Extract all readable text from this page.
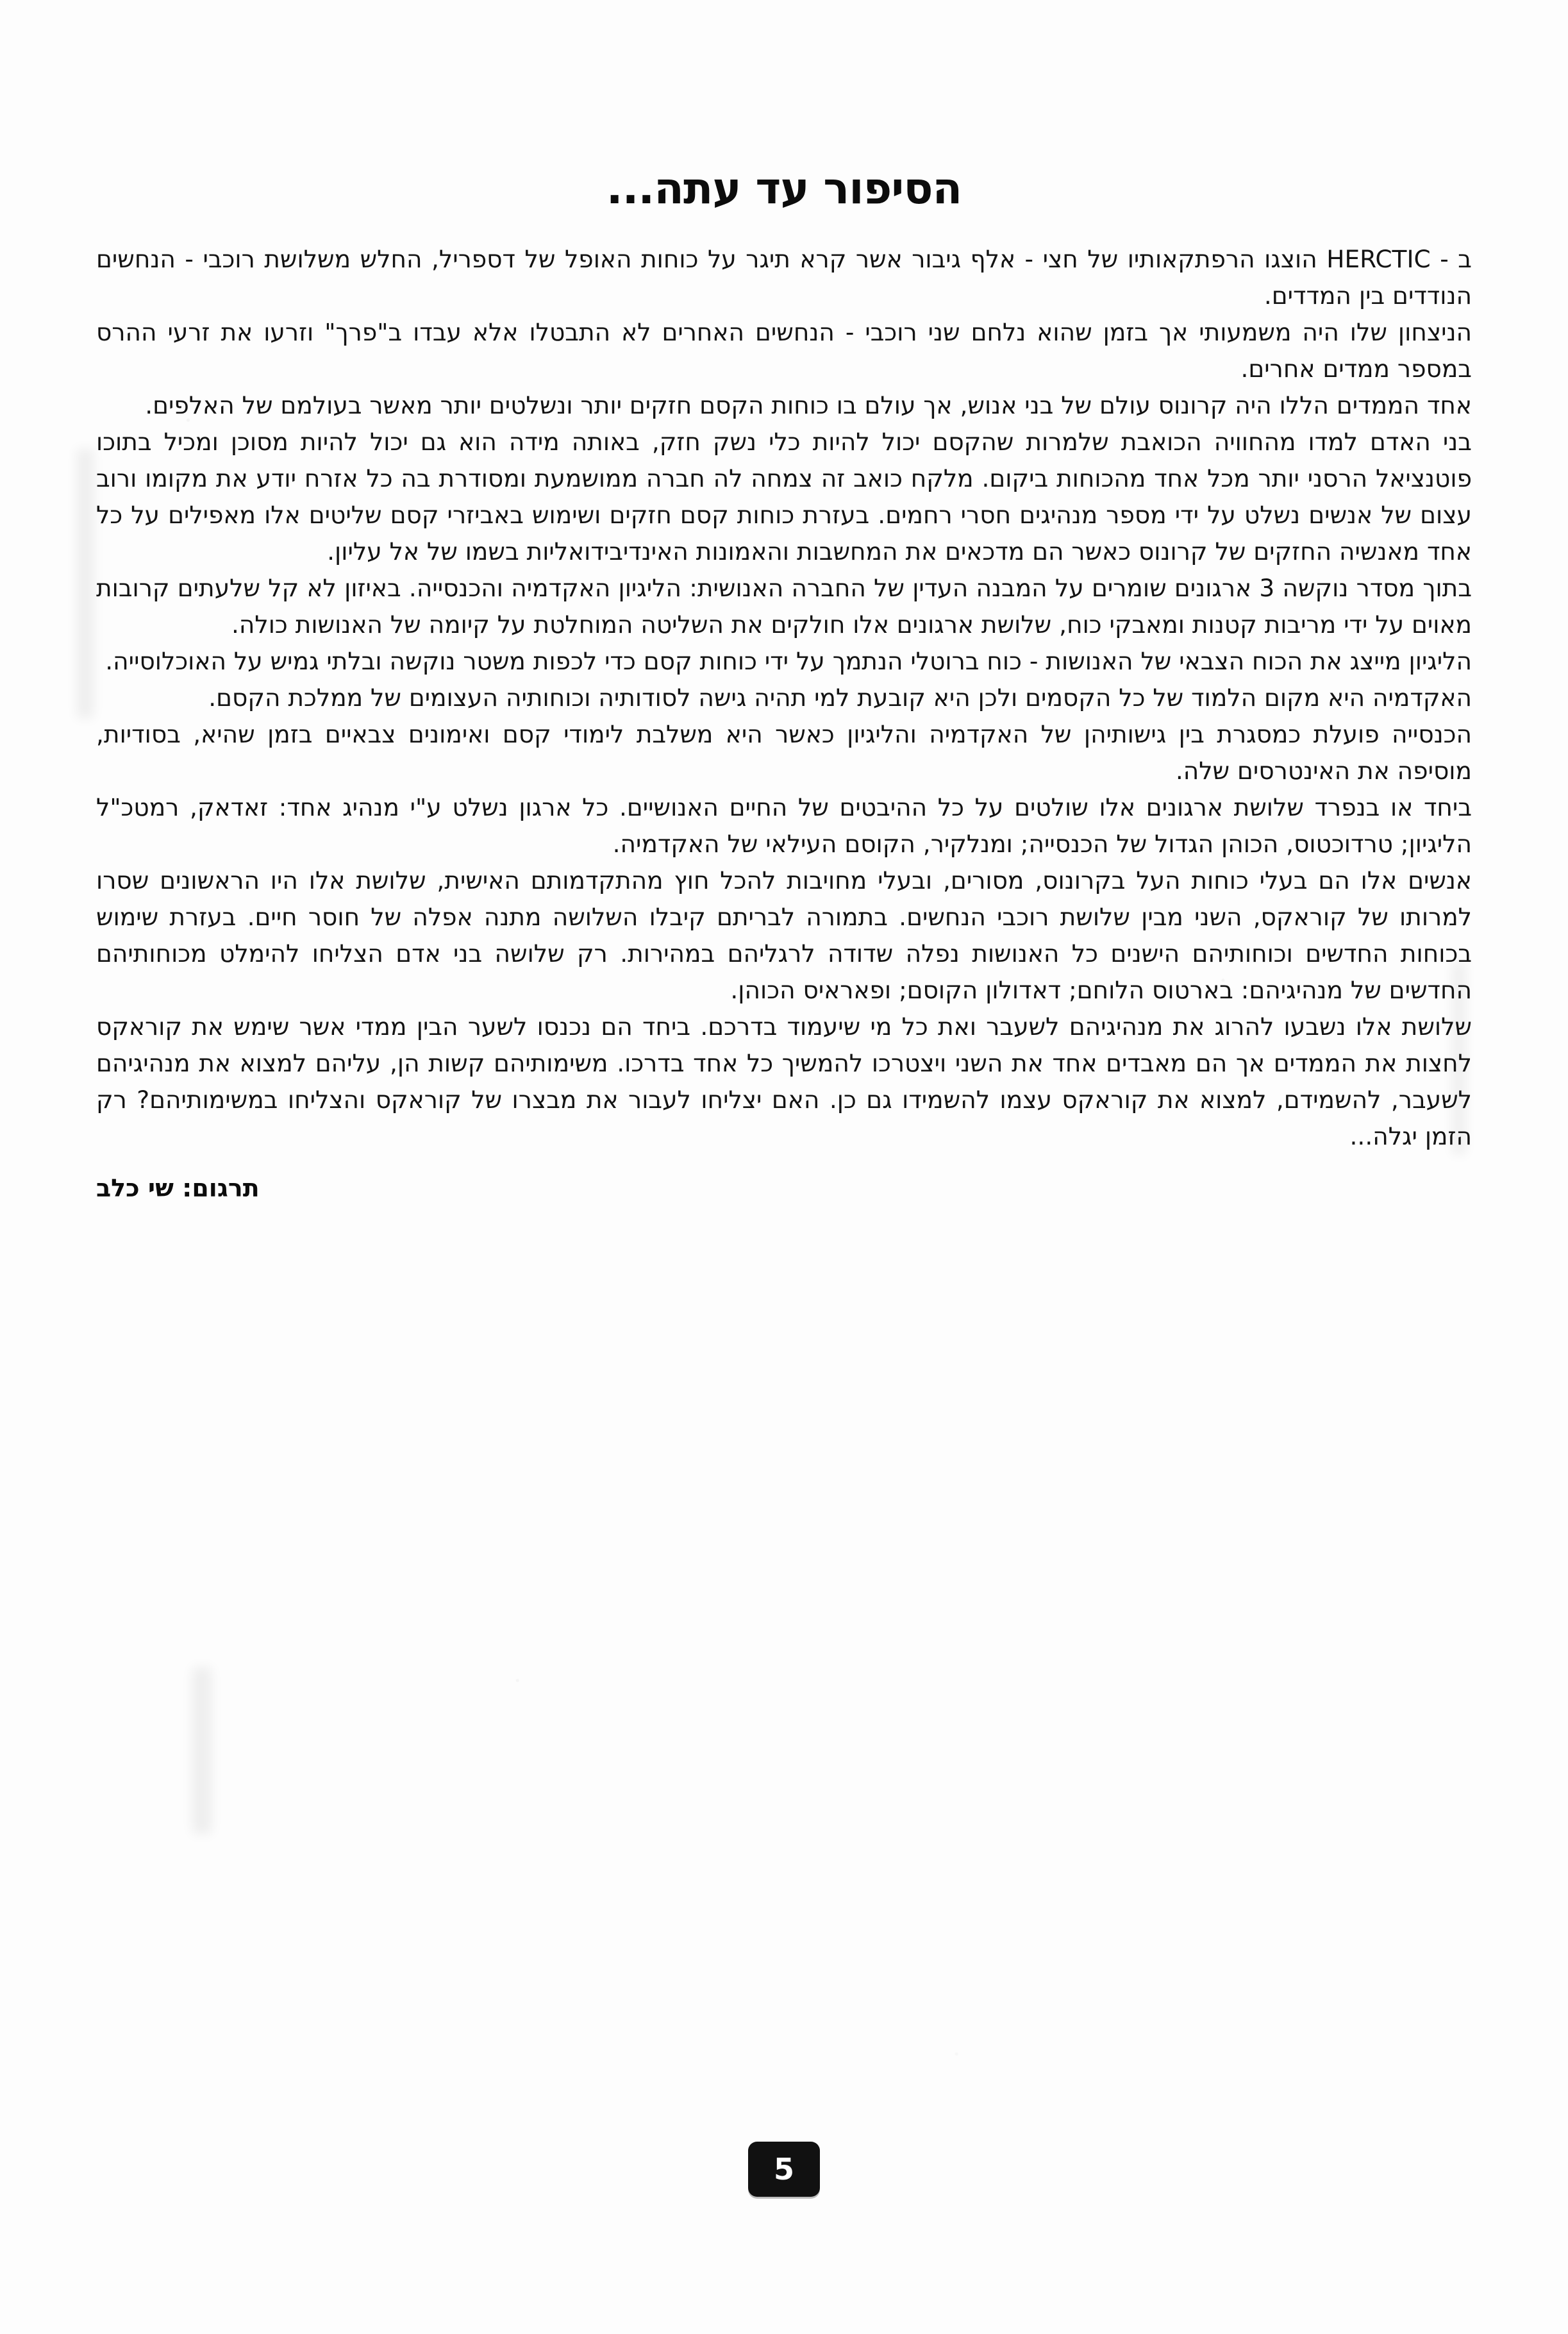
הסיפור עד עתה...

ב - HERCTIC הוצגו הרפתקאותיו של חצי - אלף גיבור אשר קרא תיגר על כוחות האופל של דספריל, החלש משלושת רוכבי - הנחשים הנודדים בין המדדים.

הניצחון שלו היה משמעותי אך בזמן שהוא נלחם שני רוכבי - הנחשים האחרים לא התבטלו אלא עבדו ב"פרך" וזרעו את זרעי ההרס במספר ממדים אחרים.

אחד הממדים הללו היה קרונוס עולם של בני אנוש, אך עולם בו כוחות הקסם חזקים יותר ונשלטים יותר מאשר בעולמם של האלפים.

בני האדם למדו מהחוויה הכואבת שלמרות שהקסם יכול להיות כלי נשק חזק, באותה מידה הוא גם יכול להיות מסוכן ומכיל בתוכו פוטנציאל הרסני יותר מכל אחד מהכוחות ביקום. מלקח כואב זה צמחה לה חברה ממושמעת ומסודרת בה כל אזרח יודע את מקומו ורוב עצום של אנשים נשלט על ידי מספר מנהיגים חסרי רחמים. בעזרת כוחות קסם חזקים ושימוש באביזרי קסם שליטים אלו מאפילים על כל אחד מאנשיה החזקים של קרונוס כאשר הם מדכאים את המחשבות והאמונות האינדיבידואליות בשמו של אל עליון.

בתוך מסדר נוקשה 3 ארגונים שומרים על המבנה העדין של החברה האנושית: הליגיון האקדמיה והכנסייה. באיזון לא קל שלעתים קרובות מאוים על ידי מריבות קטנות ומאבקי כוח, שלושת ארגונים אלו חולקים את השליטה המוחלטת על קיומה של האנושות כולה.

הליגיון מייצג את הכוח הצבאי של האנושות - כוח ברוטלי הנתמך על ידי כוחות קסם כדי לכפות משטר נוקשה ובלתי גמיש על האוכלוסייה.

האקדמיה היא מקום הלמוד של כל הקסמים ולכן היא קובעת למי תהיה גישה לסודותיה וכוחותיה העצומים של ממלכת הקסם.

הכנסייה פועלת כמסגרת בין גישותיהן של האקדמיה והליגיון כאשר היא משלבת לימודי קסם ואימונים צבאיים בזמן שהיא, בסודיות, מוסיפה את האינטרסים שלה.

ביחד או בנפרד שלושת ארגונים אלו שולטים על כל ההיבטים של החיים האנושיים. כל ארגון נשלט ע"י מנהיג אחד: זאדאק, רמטכ"ל הליגיון; טרדוכטוס, הכוהן הגדול של הכנסייה; ומנלקיר, הקוסם העילאי של האקדמיה.

אנשים אלו הם בעלי כוחות העל בקרונוס, מסורים, ובעלי מחויבות להכל חוץ מהתקדמותם האישית, שלושת אלו היו הראשונים שסרו למרותו של קוראקס, השני מבין שלושת רוכבי הנחשים. בתמורה לבריתם קיבלו השלושה מתנה אפלה של חוסר חיים. בעזרת שימוש בכוחות החדשים וכוחותיהם הישנים כל האנושות נפלה שדודה לרגליהם במהירות. רק שלושה בני אדם הצליחו להימלט מכוחותיהם החדשים של מנהיגיהם: בארטוס הלוחם; דאדולון הקוסם; ופאראיס הכוהן.

שלושת אלו נשבעו להרוג את מנהיגיהם לשעבר ואת כל מי שיעמוד בדרכם. ביחד הם נכנסו לשער הבין ממדי אשר שימש את קוראקס לחצות את הממדים אך הם מאבדים אחד את השני ויצטרכו להמשיך כל אחד בדרכו. משימותיהם קשות הן, עליהם למצוא את מנהיגיהם לשעבר, להשמידם, למצוא את קוראקס עצמו להשמידו גם כן. האם יצליחו לעבור את מבצרו של קוראקס והצליחו במשימותיהם? רק הזמן יגלה...

תרגום: שי כלב
5
